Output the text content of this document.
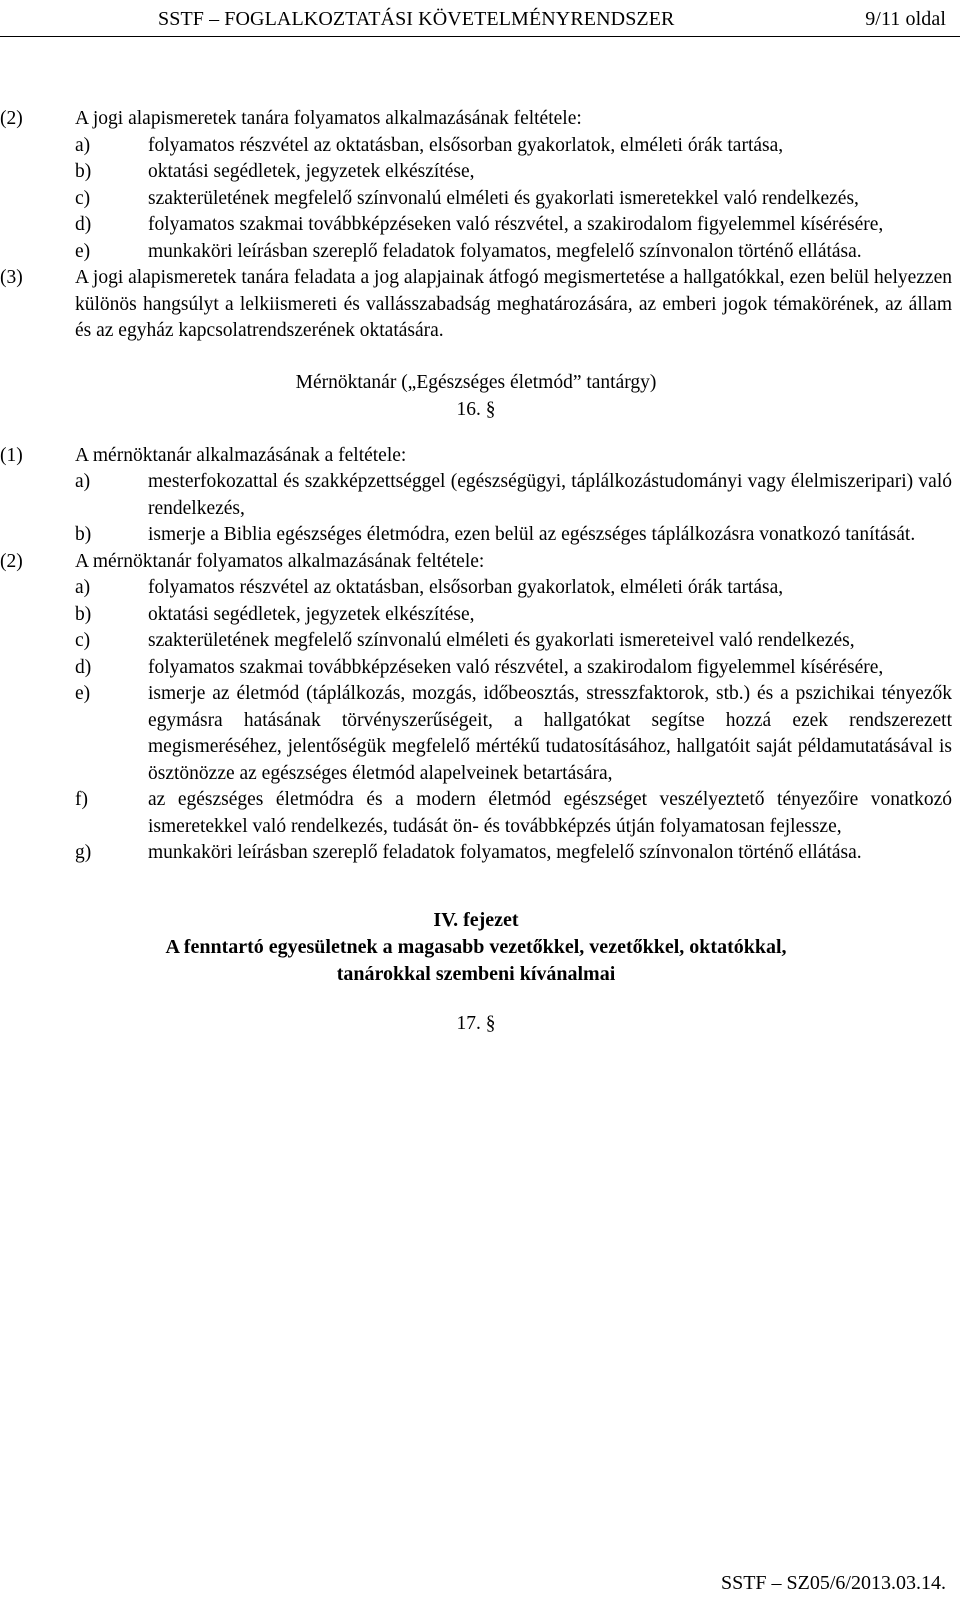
SSTF – FOGLALKOZTATÁSI KÖVETELMÉNYRENDSZER	9/11 oldal
(2)	A jogi alapismeretek tanára folyamatos alkalmazásának feltétele:
a)	folyamatos részvétel az oktatásban, elsősorban gyakorlatok, elméleti órák tartása,
b)	oktatási segédletek, jegyzetek elkészítése,
c)	szakterületének megfelelő színvonalú elméleti és gyakorlati ismeretekkel való rendelkezés,
d)	folyamatos szakmai továbbképzéseken való részvétel, a szakirodalom figyelemmel kísérésére,
e)	munkaköri leírásban szereplő feladatok folyamatos, megfelelő színvonalon történő ellátása.
(3)	A jogi alapismeretek tanára feladata a jog alapjainak átfogó megismertetése a hallgatókkal, ezen belül helyezzen különös hangsúlyt a lelkiismereti és vallásszabadság meghatározására, az emberi jogok témakörének, az állam és az egyház kapcsolatrendszerének oktatására.
Mérnöktanár („Egészséges életmód” tantárgy)
16. §
(1)	A mérnöktanár alkalmazásának a feltétele:
a)	mesterfokozattal és szakképzettséggel (egészségügyi, táplálkozástudományi vagy élelmiszeripari) való rendelkezés,
b)	ismerje a Biblia egészséges életmódra, ezen belül az egészséges táplálkozásra vonatkozó tanítását.
(2)	A mérnöktanár folyamatos alkalmazásának feltétele:
a)	folyamatos részvétel az oktatásban, elsősorban gyakorlatok, elméleti órák tartása,
b)	oktatási segédletek, jegyzetek elkészítése,
c)	szakterületének megfelelő színvonalú elméleti és gyakorlati ismereteivel való rendelkezés,
d)	folyamatos szakmai továbbképzéseken való részvétel, a szakirodalom figyelemmel kísérésére,
e)	ismerje az életmód (táplálkozás, mozgás, időbeosztás, stresszfaktorok, stb.) és a pszichikai tényezők egymásra hatásának törvényszerűségeit, a hallgatókat segítse hozzá ezek rendszerezett megismeréséhez, jelentőségük megfelelő mértékű tudatosításához, hallgatóit saját példamutatásával is ösztönözze az egészséges életmód alapelveinek betartására,
f)	az egészséges életmódra és a modern életmód egészséget veszélyeztető tényezőire vonatkozó ismeretekkel való rendelkezés, tudását ön- és továbbképzés útján folyamatosan fejlessze,
g)	munkaköri leírásban szereplő feladatok folyamatos, megfelelő színvonalon történő ellátása.
IV. fejezet
A fenntartó egyesületnek a magasabb vezetőkkel, vezetőkkel, oktatókkal,
tanárokkal szembeni kívánalmai
17. §
SSTF – SZ05/6/2013.03.14.
